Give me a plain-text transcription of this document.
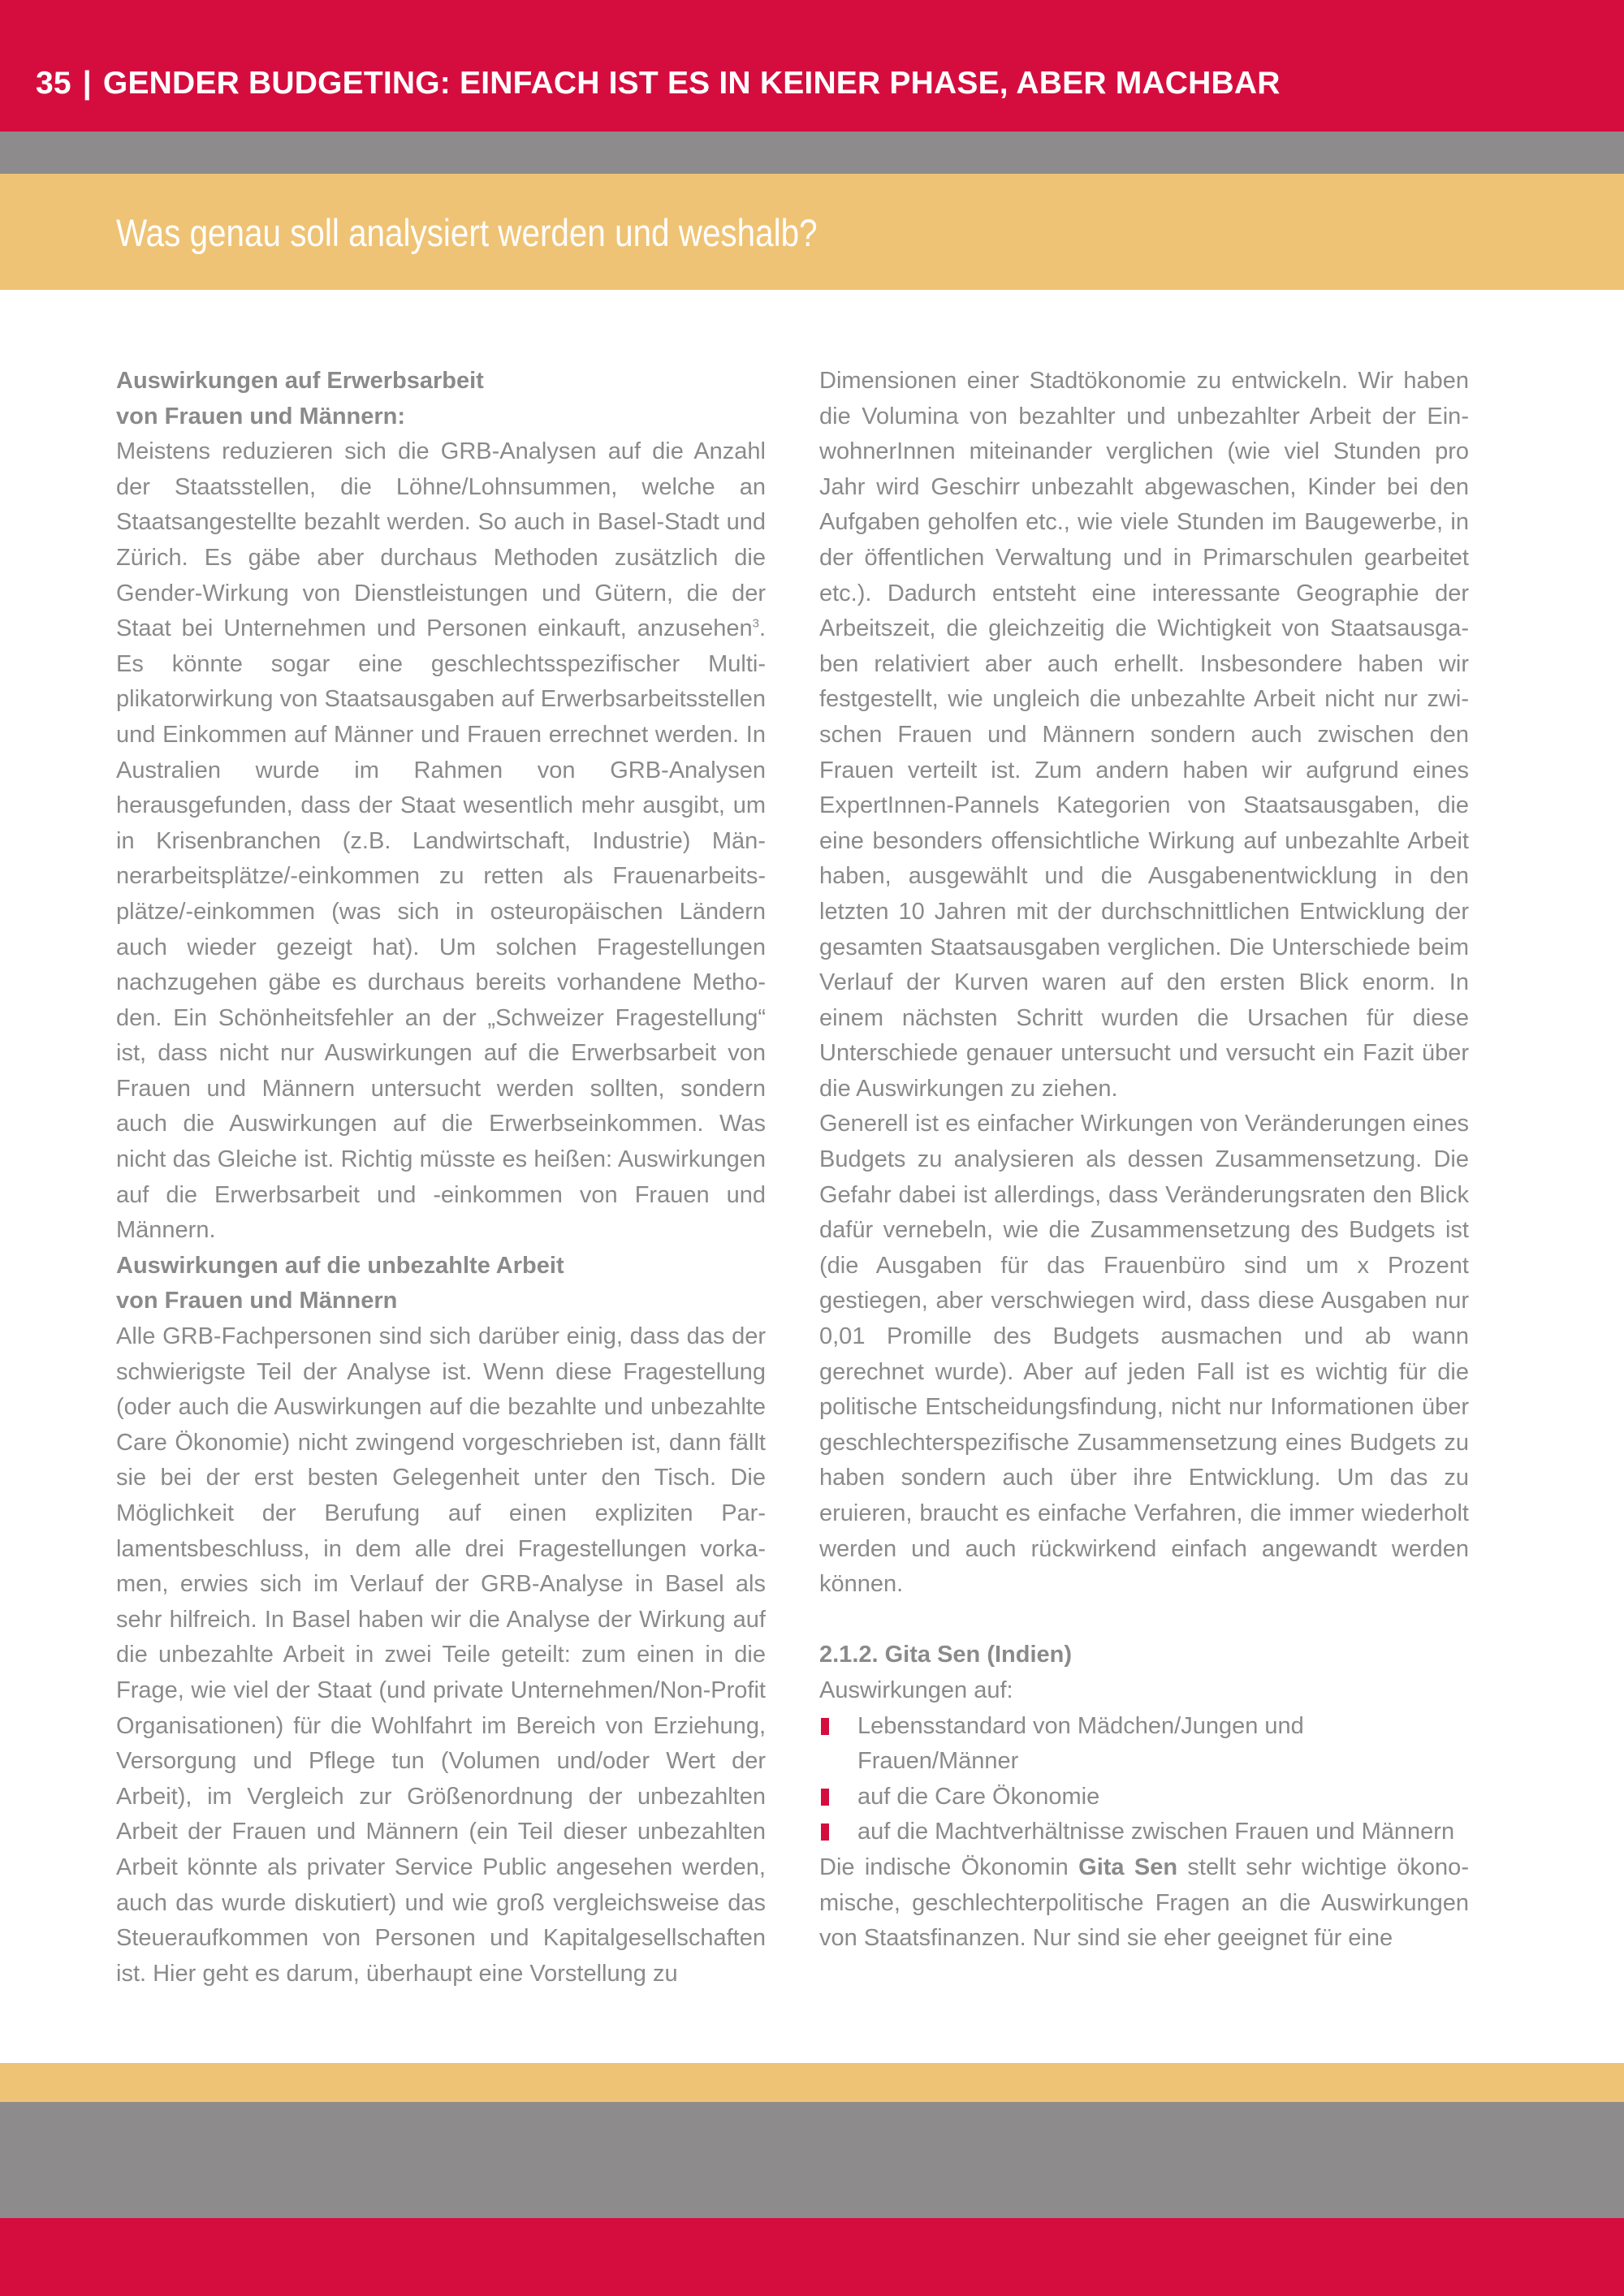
35 | GENDER BUDGETING: EINFACH IST ES IN KEINER PHASE, ABER MACHBAR
Was genau soll analysiert werden und weshalb?
Auswirkungen auf Erwerbsarbeit
von Frauen und Männern:

Meistens reduzieren sich die GRB-Analysen auf die Anzahl der Staatsstellen, die Löhne/Lohnsummen, welche an Staatsangestellte bezahlt werden. So auch in Basel-Stadt und Zürich. Es gäbe aber durchaus Methoden zusätzlich die Gender-Wirkung von Dienstleistungen und Gütern, die der Staat bei Unternehmen und Personen einkauft, anzusehen$^3$. Es könnte sogar eine geschlechtsspezifischer Multiplikatorwirkung von Staatsausgaben auf Erwerbsarbeitsstellen und Einkommen auf Männer und Frauen errechnet werden. In Australien wurde im Rahmen von GRB-Analysen herausgefunden, dass der Staat wesentlich mehr ausgibt, um in Krisenbranchen (z.B. Landwirtschaft, Industrie) Männerarbeitsplätze/-einkommen zu retten als Frauenarbeitsplätze/-einkommen (was sich in osteuropäischen Ländern auch wieder gezeigt hat). Um solchen Fragestellungen nachzugehen gäbe es durchaus bereits vorhandene Methoden. Ein Schönheitsfehler an der „Schweizer Fragestellung“ ist, dass nicht nur Auswirkungen auf die Erwerbsarbeit von Frauen und Männern untersucht werden sollten, sondern auch die Auswirkungen auf die Erwerbseinkommen. Was nicht das Gleiche ist. Richtig müsste es heißen: Auswirkungen auf die Erwerbsarbeit und -einkommen von Frauen und Männern.

Auswirkungen auf die unbezahlte Arbeit
von Frauen und Männern

Alle GRB-Fachpersonen sind sich darüber einig, dass das der schwierigste Teil der Analyse ist. Wenn diese Fragestellung (oder auch die Auswirkungen auf die bezahlte und unbezahlte Care Ökonomie) nicht zwingend vorgeschrieben ist, dann fällt sie bei der erst besten Gelegenheit unter den Tisch. Die Möglichkeit der Berufung auf einen expliziten Parlamentsbeschluss, in dem alle drei Fragestellungen vorkamen, erwies sich im Verlauf der GRB-Analyse in Basel als sehr hilfreich. In Basel haben wir die Analyse der Wirkung auf die unbezahlte Arbeit in zwei Teile geteilt: zum einen in die Frage, wie viel der Staat (und private Unternehmen/Non-Profit Organisationen) für die Wohlfahrt im Bereich von Erziehung, Versorgung und Pflege tun (Volumen und/oder Wert der Arbeit), im Vergleich zur Größenordnung der unbezahlten Arbeit der Frauen und Männern (ein Teil dieser unbezahlten Arbeit könnte als privater Service Public angesehen werden, auch das wurde diskutiert) und wie groß vergleichsweise das Steueraufkommen von Personen und Kapitalgesellschaften ist. Hier geht es darum, überhaupt eine Vorstellung zu

Dimensionen einer Stadtökonomie zu entwickeln. Wir haben die Volumina von bezahlter und unbezahlter Arbeit der EinwohnerInnen miteinander verglichen (wie viel Stunden pro Jahr wird Geschirr unbezahlt abgewaschen, Kinder bei den Aufgaben geholfen etc., wie viele Stunden im Baugewerbe, in der öffentlichen Verwaltung und in Primarschulen gearbeitet etc.). Dadurch entsteht eine interessante Geographie der Arbeitszeit, die gleichzeitig die Wichtigkeit von Staatsausgaben relativiert aber auch erhellt. Insbesondere haben wir festgestellt, wie ungleich die unbezahlte Arbeit nicht nur zwischen Frauen und Männern sondern auch zwischen den Frauen verteilt ist. Zum andern haben wir aufgrund eines ExpertInnen-Pannels Kategorien von Staatsausgaben, die eine besonders offensichtliche Wirkung auf unbezahlte Arbeit haben, ausgewählt und die Ausgabenentwicklung in den letzten 10 Jahren mit der durchschnittlichen Entwicklung der gesamten Staatsausgaben verglichen. Die Unterschiede beim Verlauf der Kurven waren auf den ersten Blick enorm. In einem nächsten Schritt wurden die Ursachen für diese Unterschiede genauer untersucht und versucht ein Fazit über die Auswirkungen zu ziehen.

Generell ist es einfacher Wirkungen von Veränderungen eines Budgets zu analysieren als dessen Zusammensetzung. Die Gefahr dabei ist allerdings, dass Veränderungsraten den Blick dafür vernebeln, wie die Zusammensetzung des Budgets ist (die Ausgaben für das Frauenbüro sind um x Prozent gestiegen, aber verschwiegen wird, dass diese Ausgaben nur 0,01 Promille des Budgets ausmachen und ab wann gerechnet wurde). Aber auf jeden Fall ist es wichtig für die politische Entscheidungsfindung, nicht nur Informationen über geschlechterspezifische Zusammensetzung eines Budgets zu haben sondern auch über ihre Entwicklung. Um das zu eruieren, braucht es einfache Verfahren, die immer wiederholt werden und auch rückwirkend einfach angewandt werden können.

2.1.2. Gita Sen (Indien)

Auswirkungen auf:

Lebensstandard von Mädchen/Jungen und Frauen/Männer
auf die Care Ökonomie
auf die Machtverhältnisse zwischen Frauen und Männern

Die indische Ökonomin Gita Sen stellt sehr wichtige ökonomische, geschlechterpolitische Fragen an die Auswirkungen von Staatsfinanzen. Nur sind sie eher geeignet für eine
